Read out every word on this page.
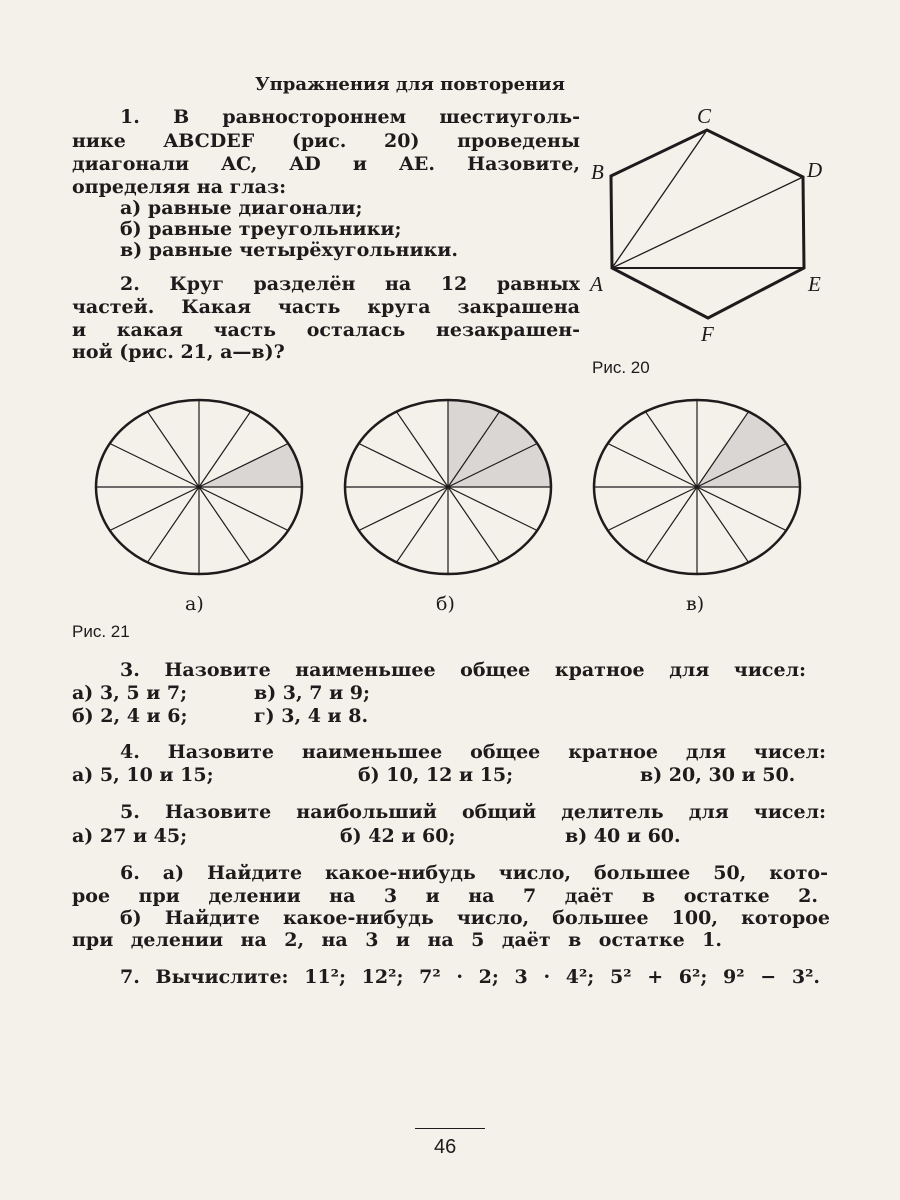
Упражнения для повторения
1. В равностороннем шестиуголь-
нике ABCDEF (рис. 20) проведены
диагонали AC, AD и AE. Назовите,
определяя на глаз:
а) равные диагонали;
б) равные треугольники;
в) равные четырёхугольники.
2. Круг разделён на 12 равных
частей. Какая часть круга закрашена
и какая часть осталась незакрашен-
ной (рис. 21, а—в)?
A
B
C
D
E
F
Рис. 20
а)	б)	в)
Рис. 21
3. Назовите наименьшее общее кратное для чисел:
а) 3, 5 и 7;	в) 3, 7 и 9;
б) 2, 4 и 6;	г) 3, 4 и 8.
4. Назовите наименьшее общее кратное для чисел:
а) 5, 10 и 15;	б) 10, 12 и 15;	в) 20, 30 и 50.
5. Назовите наибольший общий делитель для чисел:
а) 27 и 45;	б) 42 и 60;	в) 40 и 60.
6. а) Найдите какое-нибудь число, большее 50, кото-
рое при делении на 3 и на 7 даёт в остатке 2.
б) Найдите какое-нибудь число, большее 100, которое
при делении на 2, на 3 и на 5 даёт в остатке 1.
7. Вычислите: 11²; 12²; 7² · 2; 3 · 4²; 5² + 6²; 9² − 3².
46
